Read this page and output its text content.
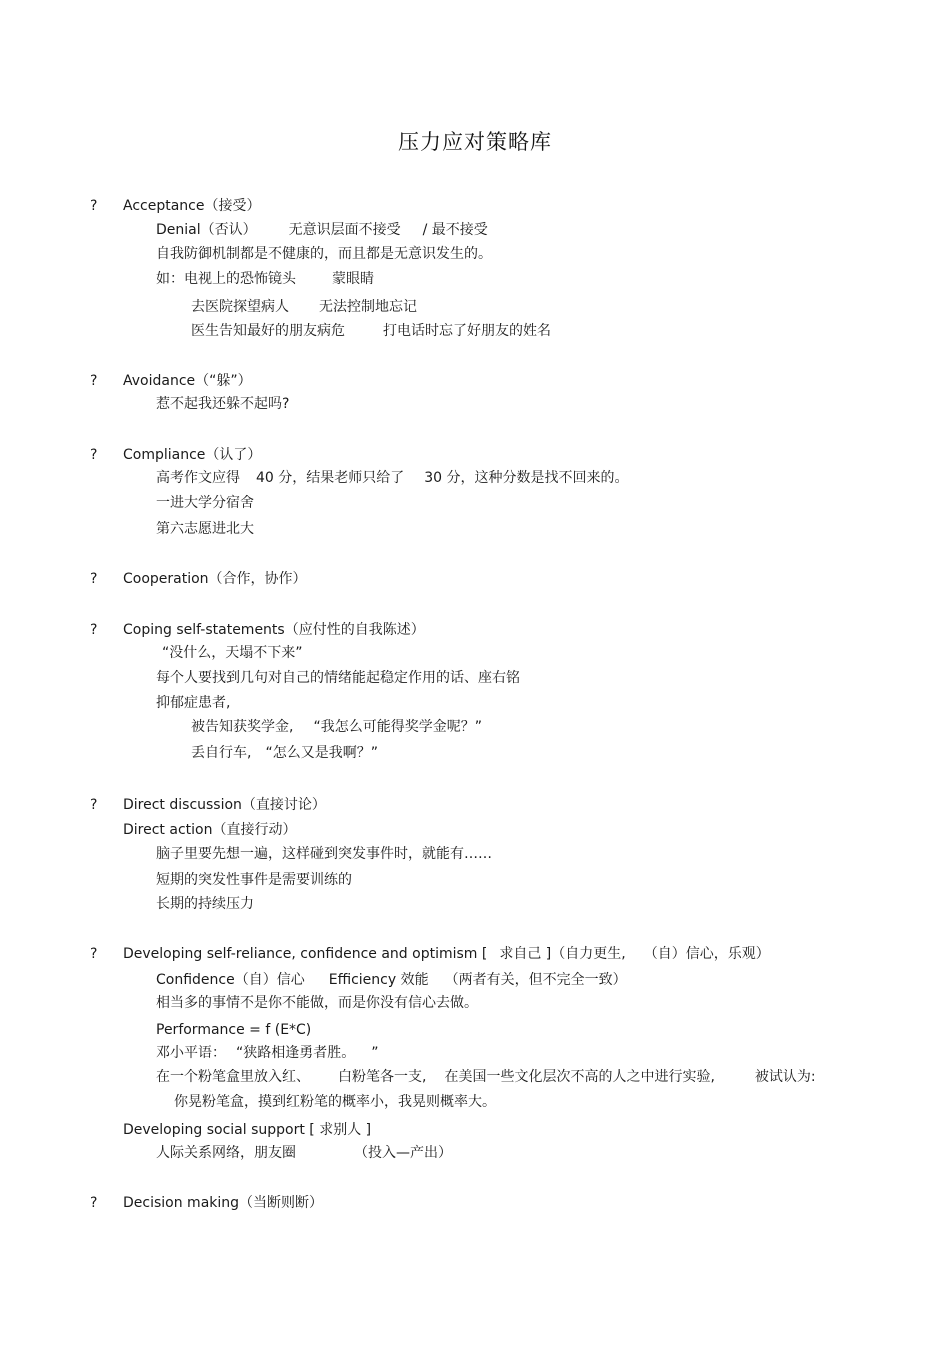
压力应对策略库
? Acceptance（接受）
Denial（否认） 无意识层面不接受 / 最不接受
自我防御机制都是不健康的，而且都是无意识发生的。
如：电视上的恐怖镜头	蒙眼睛
去医院探望病人 无法控制地忘记
医生告知最好的朋友病危	打电话时忘了好朋友的姓名
? Avoidance（“躲”）
惹不起我还躲不起吗?
? Compliance（认了）
高考作文应得 40 分，结果老师只给了 30 分，这种分数是找不回来的。
一进大学分宿舍
第六志愿进北大
? Cooperation（合作，协作）
? Coping self-statements（应付性的自我陈述）
“没什么，天塌不下来”
每个人要找到几句对自己的情绪能起稳定作用的话、座右铭
抑郁症患者,
被告知获奖学金, “我怎么可能得奖学金呢？”
丢自行车, “怎么又是我啊？”
? Direct discussion（直接讨论）
Direct action（直接行动）
脑子里要先想一遍，这样碰到突发事件时，就能有……
短期的突发性事件是需要训练的
长期的持续压力
? Developing self-reliance, confidence and optimism [ 求自己 ]（自力更生, （自）信心，乐观）
Confidence（自）信心 Efficiency 效能 （两者有关，但不完全一致）
相当多的事情不是你不能做，而是你没有信心去做。
Performance = f (E*C)
邓小平语： “狭路相逢勇者胜。 ”
在一个粉笔盒里放入红、 白粉笔各一支, 在美国一些文化层次不高的人之中进行实验,	被试认为:
你晃粉笔盒，摸到红粉笔的概率小，我晃则概率大。
Developing social support [ 求别人 ]
人际关系网络，朋友圈	（投入—产出）
? Decision making（当断则断）
